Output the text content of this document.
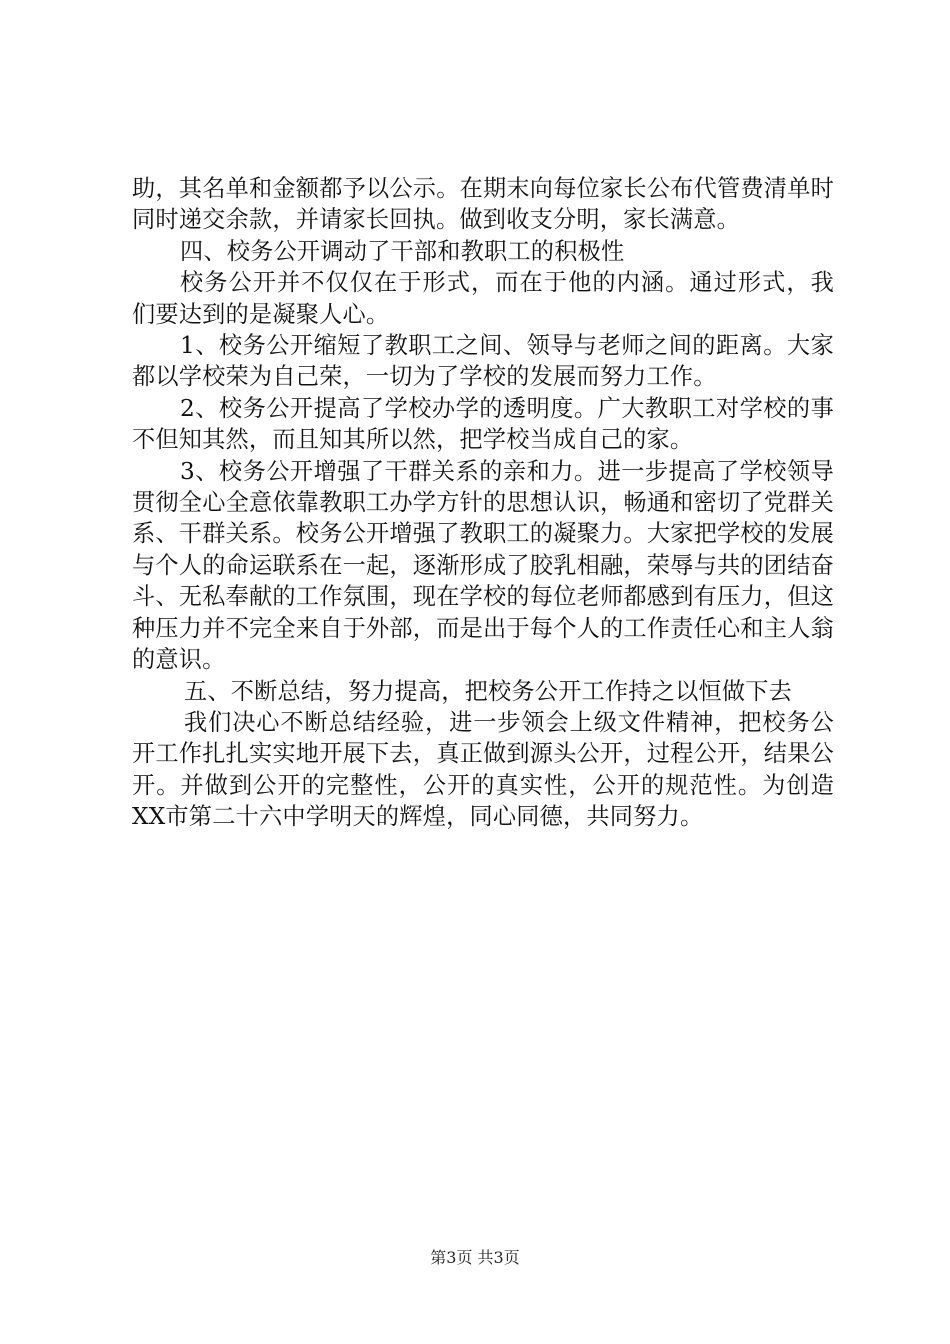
助，其名单和金额都予以公示。在期末向每位家长公布代管费清单时同时递交余款，并请家长回执。做到收支分明，家长满意。

四、校务公开调动了干部和教职工的积极性

校务公开并不仅仅在于形式，而在于他的内涵。通过形式，我们要达到的是凝聚人心。

1、校务公开缩短了教职工之间、领导与老师之间的距离。大家都以学校荣为自己荣，一切为了学校的发展而努力工作。

2、校务公开提高了学校办学的透明度。广大教职工对学校的事不但知其然，而且知其所以然，把学校当成自己的家。

3、校务公开增强了干群关系的亲和力。进一步提高了学校领导贯彻全心全意依靠教职工办学方针的思想认识，畅通和密切了党群关系、干群关系。校务公开增强了教职工的凝聚力。大家把学校的发展与个人的命运联系在一起，逐渐形成了胶乳相融，荣辱与共的团结奋斗、无私奉献的工作氛围，现在学校的每位老师都感到有压力，但这种压力并不完全来自于外部，而是出于每个人的工作责任心和主人翁的意识。

五、不断总结，努力提高，把校务公开工作持之以恒做下去

我们决心不断总结经验，进一步领会上级文件精神，把校务公开工作扎扎实实地开展下去，真正做到源头公开，过程公开，结果公开。并做到公开的完整性，公开的真实性，公开的规范性。为创造XX市第二十六中学明天的辉煌，同心同德，共同努力。

第3页 共3页
